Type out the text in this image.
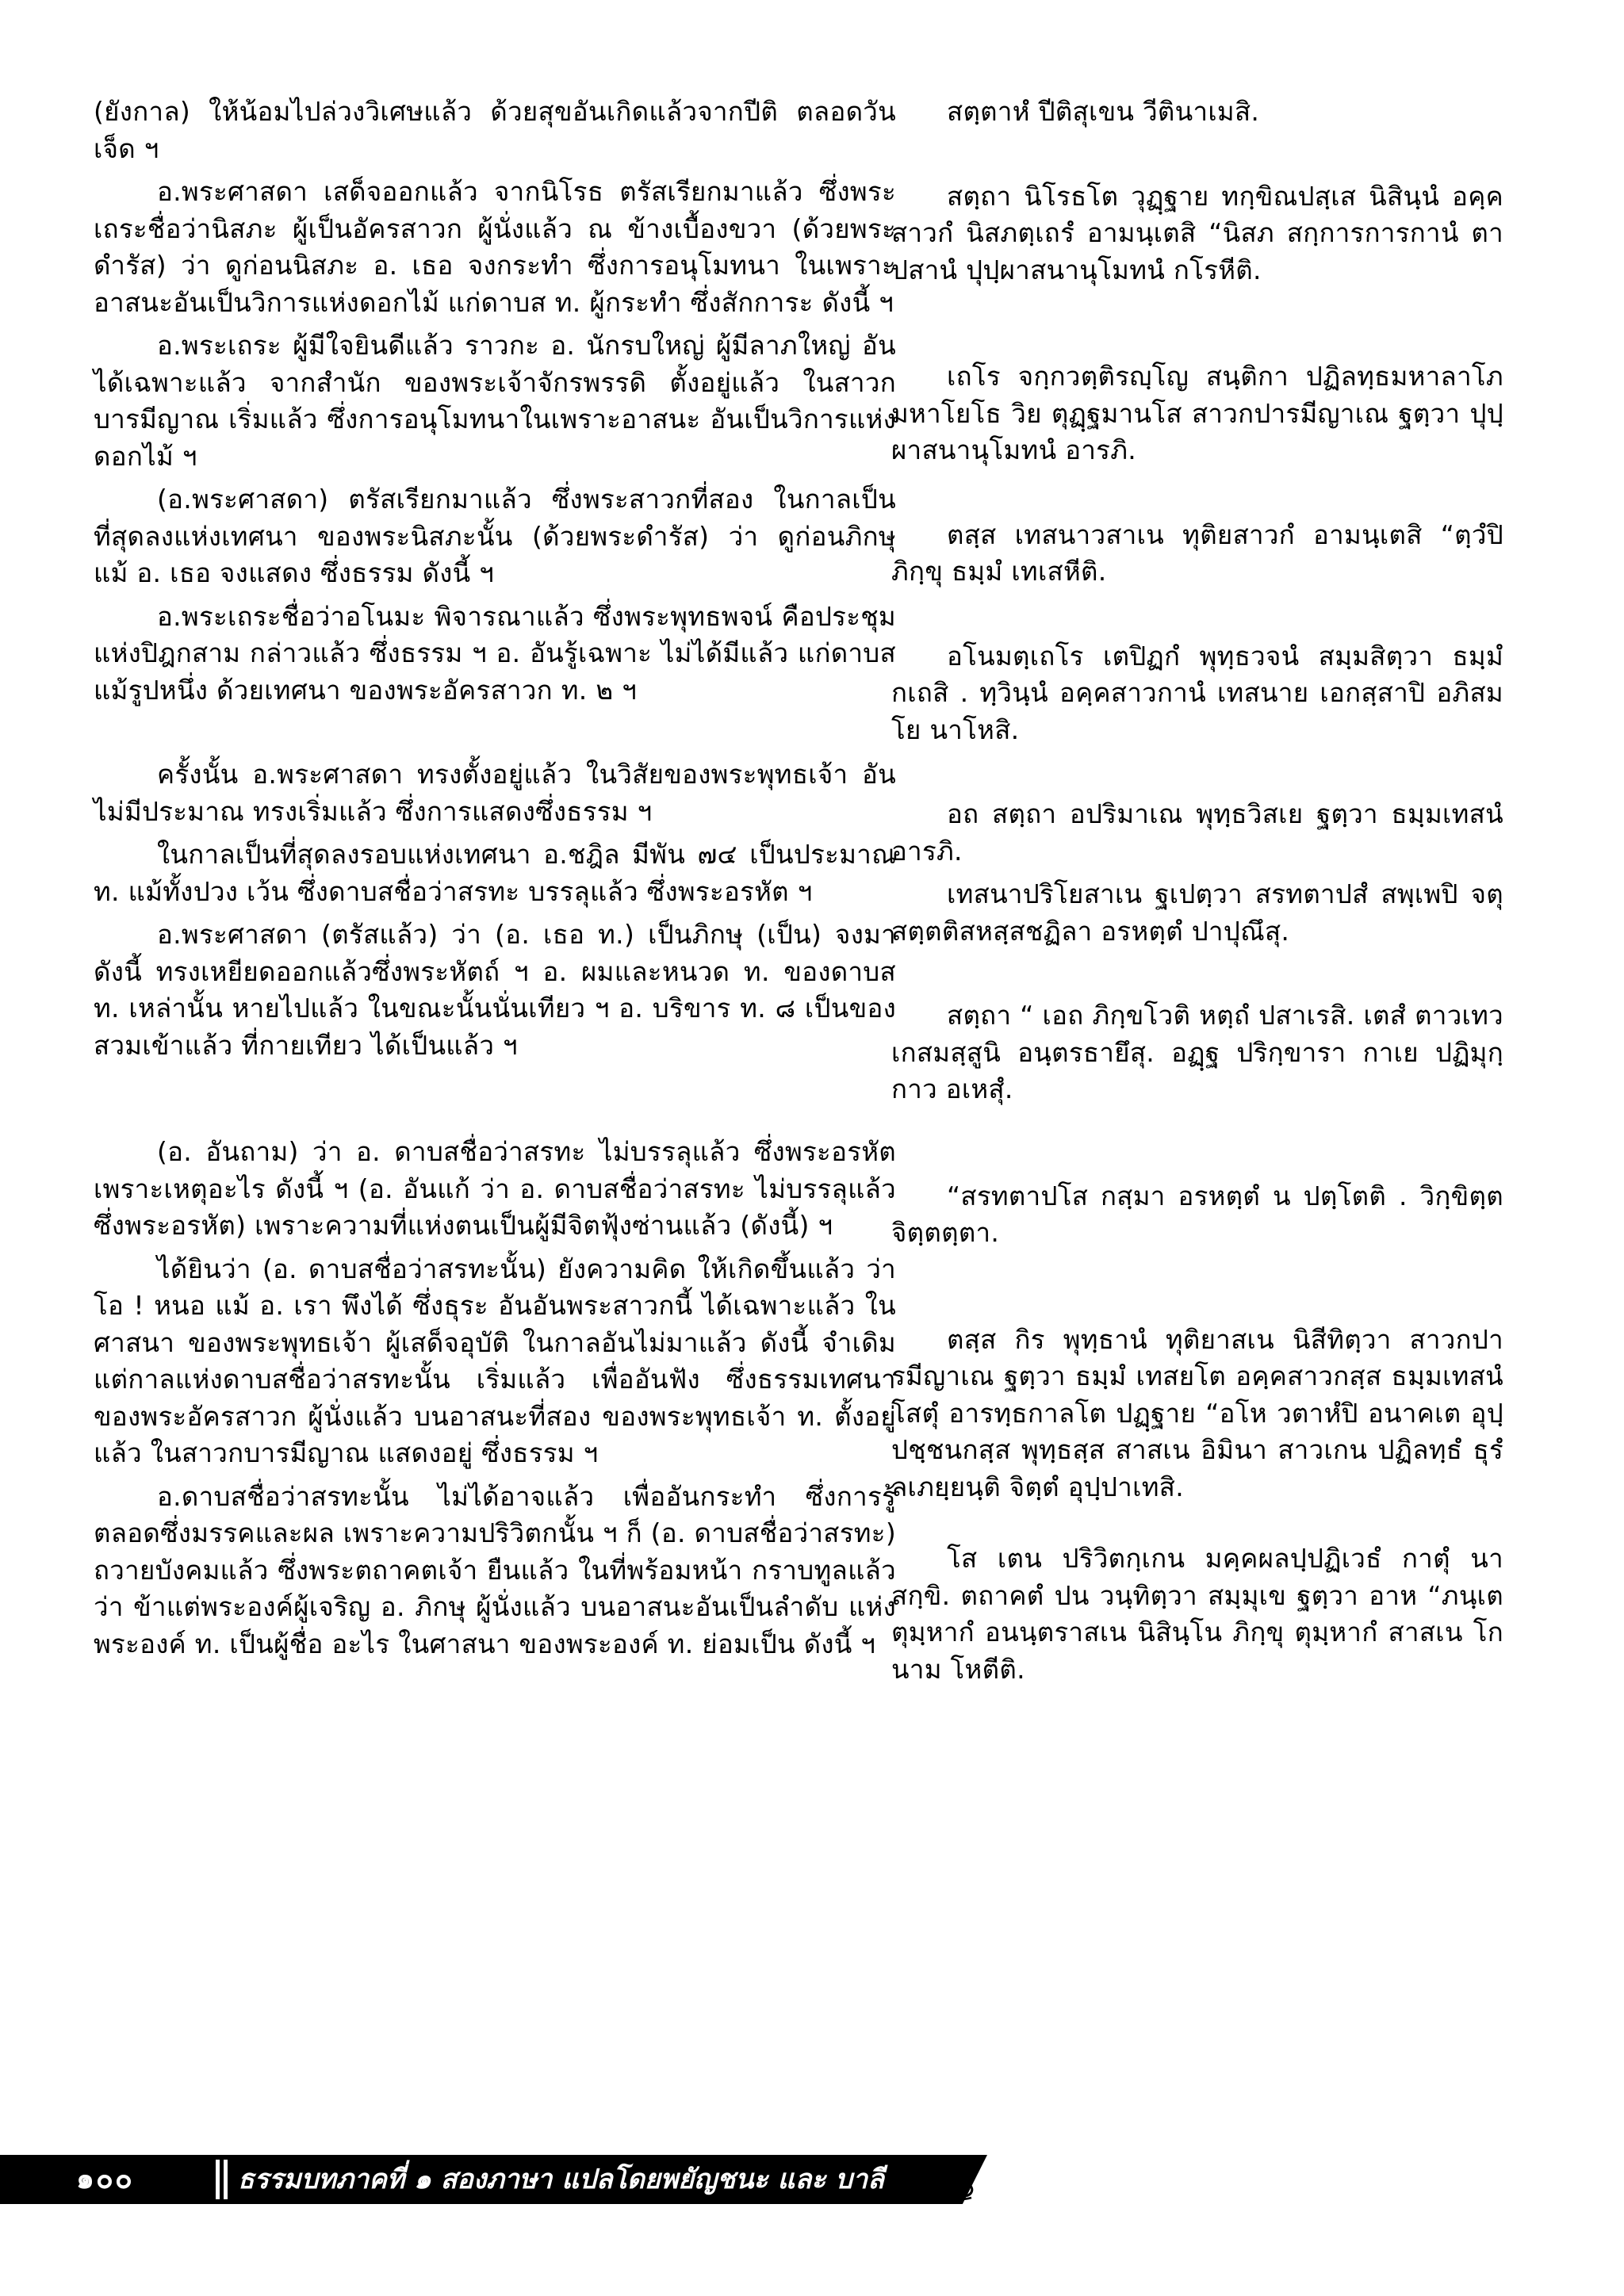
(ยังกาล) ให้น้อมไปล่วงวิเศษแล้ว ด้วยสุขอันเกิดแล้วจากปีติ ตลอดวันเจ็ด ฯ

อ.พระศาสดา เสด็จออกแล้ว จากนิโรธ ตรัสเรียกมาแล้ว ซึ่งพระเถระชื่อว่านิสภะ ผู้เป็นอัครสาวก ผู้นั่งแล้ว ณ ข้างเบื้องขวา (ด้วยพระดำรัส) ว่า ดูก่อนนิสภะ อ. เธอ จงกระทำ ซึ่งการอนุโมทนา ในเพราะอาสนะอันเป็นวิการแห่งดอกไม้ แก่ดาบส ท. ผู้กระทำ ซึ่งสักการะ ดังนี้ ฯ

อ.พระเถระ ผู้มีใจยินดีแล้ว ราวกะ อ. นักรบใหญ่ ผู้มีลาภใหญ่ อันได้เฉพาะแล้ว จากสำนัก ของพระเจ้าจักรพรรดิ ตั้งอยู่แล้ว ในสาวกบารมีญาณ เริ่มแล้ว ซึ่งการอนุโมทนาในเพราะอาสนะ อันเป็นวิการแห่งดอกไม้ ฯ

(อ.พระศาสดา) ตรัสเรียกมาแล้ว ซึ่งพระสาวกที่สอง ในกาลเป็นที่สุดลงแห่งเทศนา ของพระนิสภะนั้น (ด้วยพระดำรัส) ว่า ดูก่อนภิกษุ แม้ อ. เธอ จงแสดง ซึ่งธรรม ดังนี้ ฯ

อ.พระเถระชื่อว่าอโนมะ พิจารณาแล้ว ซึ่งพระพุทธพจน์ คือประชุมแห่งปิฎกสาม กล่าวแล้ว ซึ่งธรรม ฯ อ. อันรู้เฉพาะ ไม่ได้มีแล้ว แก่ดาบสแม้รูปหนึ่ง ด้วยเทศนา ของพระอัครสาวก ท. ๒ ฯ

ครั้งนั้น อ.พระศาสดา ทรงตั้งอยู่แล้ว ในวิสัยของพระพุทธเจ้า อันไม่มีประมาณ ทรงเริ่มแล้ว ซึ่งการแสดงซึ่งธรรม ฯ

ในกาลเป็นที่สุดลงรอบแห่งเทศนา อ.ชฎิล มีพัน ๗๔ เป็นประมาณ ท. แม้ทั้งปวง เว้น ซึ่งดาบสชื่อว่าสรทะ บรรลุแล้ว ซึ่งพระอรหัต ฯ

อ.พระศาสดา (ตรัสแล้ว) ว่า (อ. เธอ ท.) เป็นภิกษุ (เป็น) จงมา ดังนี้ ทรงเหยียดออกแล้วซึ่งพระหัตถ์ ฯ อ. ผมและหนวด ท. ของดาบส ท. เหล่านั้น หายไปแล้ว ในขณะนั้นนั่นเทียว ฯ อ. บริขาร ท. ๘ เป็นของสวมเข้าแล้ว ที่กายเทียว ได้เป็นแล้ว ฯ

(อ. อันถาม) ว่า อ. ดาบสชื่อว่าสรทะ ไม่บรรลุแล้ว ซึ่งพระอรหัต เพราะเหตุอะไร ดังนี้ ฯ (อ. อันแก้ ว่า อ. ดาบสชื่อว่าสรทะ ไม่บรรลุแล้ว ซึ่งพระอรหัต) เพราะความที่แห่งตนเป็นผู้มีจิตฟุ้งซ่านแล้ว (ดังนี้) ฯ

ได้ยินว่า (อ. ดาบสชื่อว่าสรทะนั้น) ยังความคิด ให้เกิดขึ้นแล้ว ว่า โอ ! หนอ แม้ อ. เรา พึงได้ ซึ่งธุระ อันอันพระสาวกนี้ ได้เฉพาะแล้ว ในศาสนา ของพระพุทธเจ้า ผู้เสด็จอุบัติ ในกาลอันไม่มาแล้ว ดังนี้ จำเดิม แต่กาลแห่งดาบสชื่อว่าสรทะนั้น เริ่มแล้ว เพื่ออันฟัง ซึ่งธรรมเทศนา ของพระอัครสาวก ผู้นั่งแล้ว บนอาสนะที่สอง ของพระพุทธเจ้า ท. ตั้งอยู่แล้ว ในสาวกบารมีญาณ แสดงอยู่ ซึ่งธรรม ฯ

อ.ดาบสชื่อว่าสรทะนั้น ไม่ได้อาจแล้ว เพื่ออันกระทำ ซึ่งการรู้ตลอดซึ่งมรรคและผล เพราะความปริวิตกนั้น ฯ ก็ (อ. ดาบสชื่อว่าสรทะ) ถวายบังคมแล้ว ซึ่งพระตถาคตเจ้า ยืนแล้ว ในที่พร้อมหน้า กราบทูลแล้ว ว่า ข้าแต่พระองค์ผู้เจริญ อ. ภิกษุ ผู้นั่งแล้ว บนอาสนะอันเป็นลำดับ แห่งพระองค์ ท. เป็นผู้ชื่อ อะไร ในศาสนา ของพระองค์ ท. ย่อมเป็น ดังนี้ ฯ

สตฺตาหํ ปีติสุเขน วีตินาเมสิ.

สตฺถา นิโรธโต วุฏฺฐาย ทกฺขิณปสฺเส นิสินฺนํ อคฺคสาวกํ นิสภตฺเถรํ อามนฺเตสิ “นิสภ สกฺการการกานํ ตาปสานํ ปุปฺผาสนานุโมทนํ กโรหีติ.

เถโร จกฺกวตฺติรญฺโญ สนฺติกา ปฏิลทฺธมหาลาโภ มหาโยโธ วิย ตุฏฺฐมานโส สาวกปารมีญาเณ ฐตฺวา ปุปฺผาสนานุโมทนํ อารภิ.

ตสฺส เทสนาวสาเน ทุติยสาวกํ อามนฺเตสิ “ตฺวํปิ ภิกฺขุ ธมฺมํ เทเสหีติ.

อโนมตฺเถโร เตปิฏกํ พุทฺธวจนํ สมฺมสิตฺวา ธมฺมํ กเถสิ . ทฺวินฺนํ อคฺคสาวกานํ เทสนาย เอกสฺสาปิ อภิสมโย นาโหสิ.

อถ สตฺถา อปริมาเณ พุทฺธวิสเย ฐตฺวา ธมฺมเทสนํ อารภิ.

เทสนาปริโยสาเน ฐเปตฺวา สรทตาปสํ สพฺเพปิ จตุสตฺตติสหสฺสชฏิลา อรหตฺตํ ปาปุณึสุ.

สตฺถา “ เอถ ภิกฺขโวติ หตฺถํ ปสาเรสิ. เตสํ ตาวเทว เกสมสฺสูนิ อนฺตรธายึสุ. อฏฺฐ ปริกฺขารา กาเย ปฏิมุกฺกาว อเหสุํ.

“สรทตาปโส กสฺมา อรหตฺตํ น ปตฺโตติ . วิกฺขิตฺตจิตฺตตฺตา.

ตสฺส กิร พุทฺธานํ ทุติยาสเน นิสีทิตฺวา สาวกปารมีญาเณ ฐตฺวา ธมฺมํ เทสยโต อคฺคสาวกสฺส ธมฺมเทสนํ โสตุํ อารทฺธกาลโต ปฏฺฐาย “อโห วตาหํปิ อนาคเต อุปฺปชฺชนกสฺส พุทฺธสฺส สาสเน อิมินา สาวเกน ปฏิลทฺธํ ธุรํ ลเภยฺยนฺติ จิตฺตํ อุปฺปาเทสิ.

โส เตน ปริวิตกฺเกน มคฺคผลปฺปฏิเวธํ กาตุํ นาสกฺขิ. ตถาคตํ ปน วนฺทิตฺวา สมฺมุเข ฐตฺวา อาห “ภนฺเต ตุมฺหากํ อนนฺตราสเน นิสินฺโน ภิกฺขุ ตุมฺหากํ สาสเน โก นาม โหตีติ.

๑๐๐	ธรรมบทภาคที่ ๑ สองภาษา แปลโดยพยัญชนะ และ บาลี
